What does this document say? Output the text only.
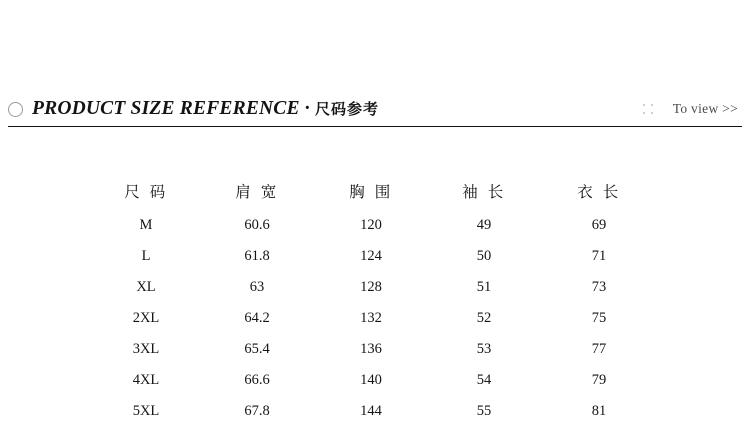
PRODUCT SIZE REFERENCE · 尺码参考	To view >>
尺 码	肩 宽	胸 围	袖 长	衣 长
M	60.6	120	49	69
L	61.8	124	50	71
XL	63	128	51	73
2XL	64.2	132	52	75
3XL	65.4	136	53	77
4XL	66.6	140	54	79
5XL	67.8	144	55	81
